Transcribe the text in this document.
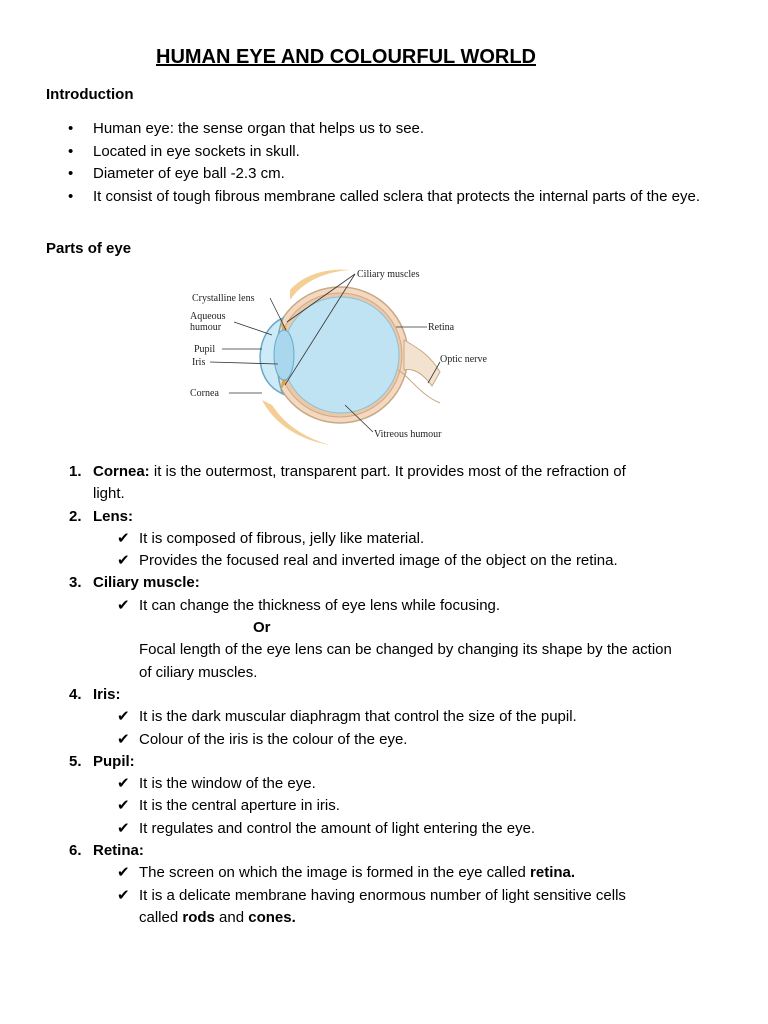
HUMAN EYE AND COLOURFUL WORLD
Introduction
• Human eye: the sense organ that helps us to see.
• Located in eye sockets in skull.
• Diameter of eye ball -2.3 cm.
• It consist of tough fibrous membrane called sclera that protects the internal parts of the eye.
Parts of eye
Ciliary muscles
Crystalline lens
Aqueous
humour
Pupil
Iris
Cornea
Retina
Optic nerve
Vitreous humour
1. Cornea: it is the outermost, transparent part. It provides most of the refraction of
light.
2. Lens:
✔ It is composed of fibrous, jelly like material.
✔ Provides the focused real and inverted image of the object on the retina.
3. Ciliary muscle:
✔ It can change the thickness of eye lens while focusing.
Or
Focal length of the eye lens can be changed by changing its shape by the action
of ciliary muscles.
4. Iris:
✔ It is the dark muscular diaphragm that control the size of the pupil.
✔ Colour of the iris is the colour of the eye.
5. Pupil:
✔ It is the window of the eye.
✔ It is the central aperture in iris.
✔ It regulates and control the amount of light entering the eye.
6. Retina:
✔ The screen on which the image is formed in the eye called retina.
✔ It is a delicate membrane having enormous number of light sensitive cells
called rods and cones.
